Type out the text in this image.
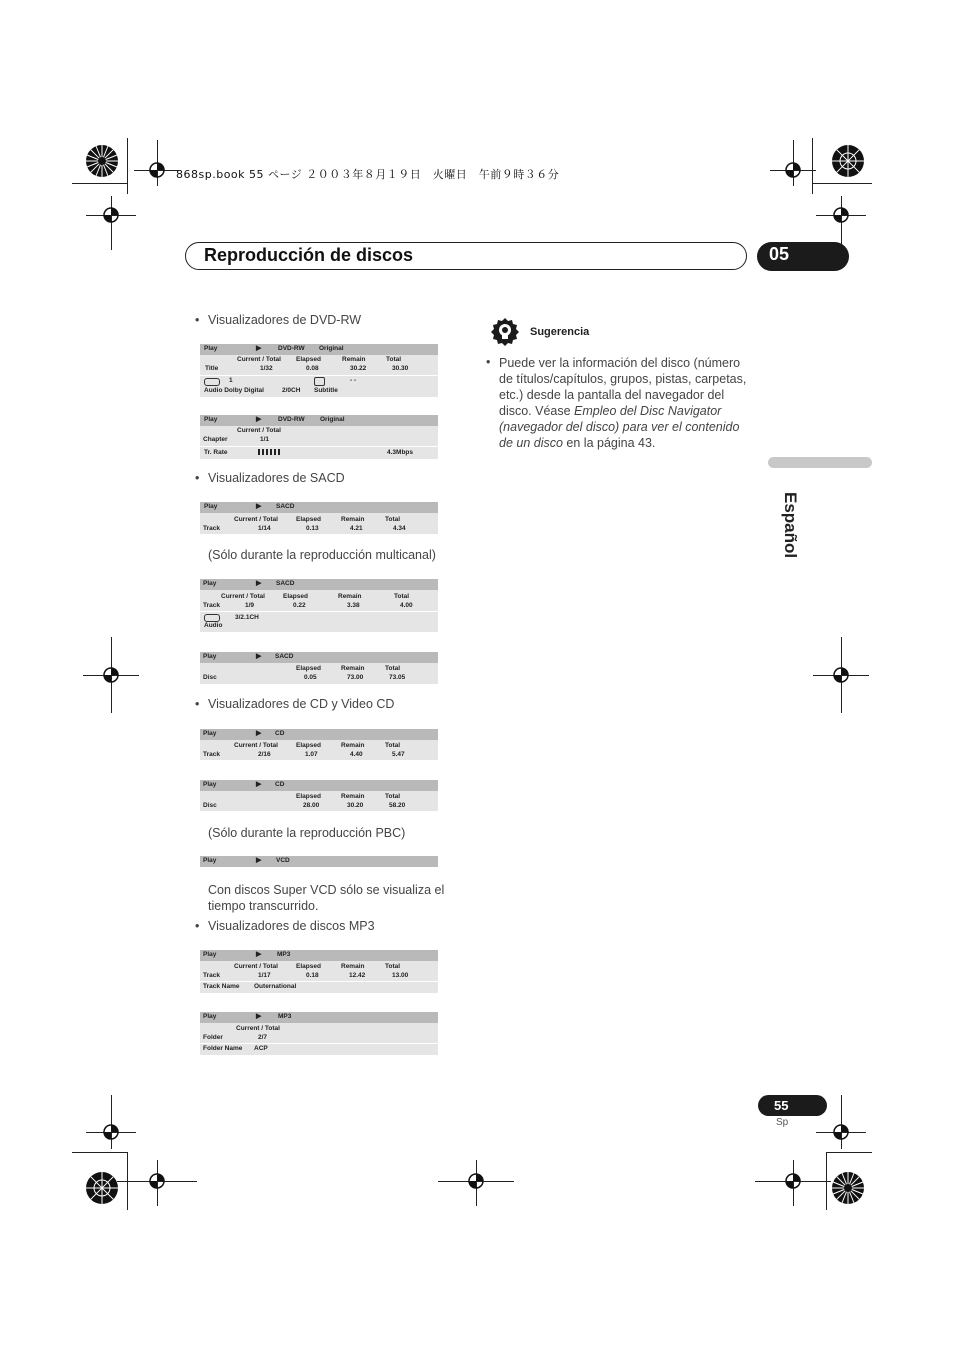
868sp.book 55 ページ ２００３年８月１９日　火曜日　午前９時３６分
Reproducción de discos	05
Español
• Visualizadores de DVD-RW
Play	▶	DVD-RW Original
Current / Total Elapsed	Remain	Total
Title	1/32	0.08	30.22	30.30
1	- -
Audio Dolby Digital	2/0CH Subtitle
Play	▶	DVD-RW Original
Current / Total
Chapter	1/1
Tr. Rate	4.3Mbps
• Visualizadores de SACD
Play	▶ SACD
Current / Total	Elapsed	Remain	Total
Track	1/14	0.13	4.21	4.34
(Sólo durante la reproducción multicanal)
Play	▶ SACD
Current / Total	Elapsed	Remain	Total
Track	1/9	0.22	3.38	4.00
3/2.1CH
Audio
Play	▶ SACD
Elapsed	Remain	Total
Disc	0.05	73.00	73.05
• Visualizadores de CD y Video CD
Play	▶ CD
Current / Total	Elapsed	Remain	Total
Track	2/16	1.07	4.40	5.47
Play	▶ CD
Elapsed	Remain	Total
Disc	28.00	30.20	58.20
(Sólo durante la reproducción PBC)
Play	▶ VCD
Con discos Super VCD sólo se visualiza el
tiempo transcurrido.
• Visualizadores de discos MP3
Play	▶ MP3
Current / Total	Elapsed	Remain	Total
Track	1/17	0.18	12.42	13.00
Track Name Outernational
Play	▶	MP3
Current / Total
Folder	2/7
Folder Name ACP
Sugerencia
• Puede ver la información del disco (número de títulos/capítulos, grupos, pistas, carpetas, etc.) desde la pantalla del navegador del disco. Véase Empleo del Disc Navigator (navegador del disco) para ver el contenido de un disco en la página 43.
55
Sp
